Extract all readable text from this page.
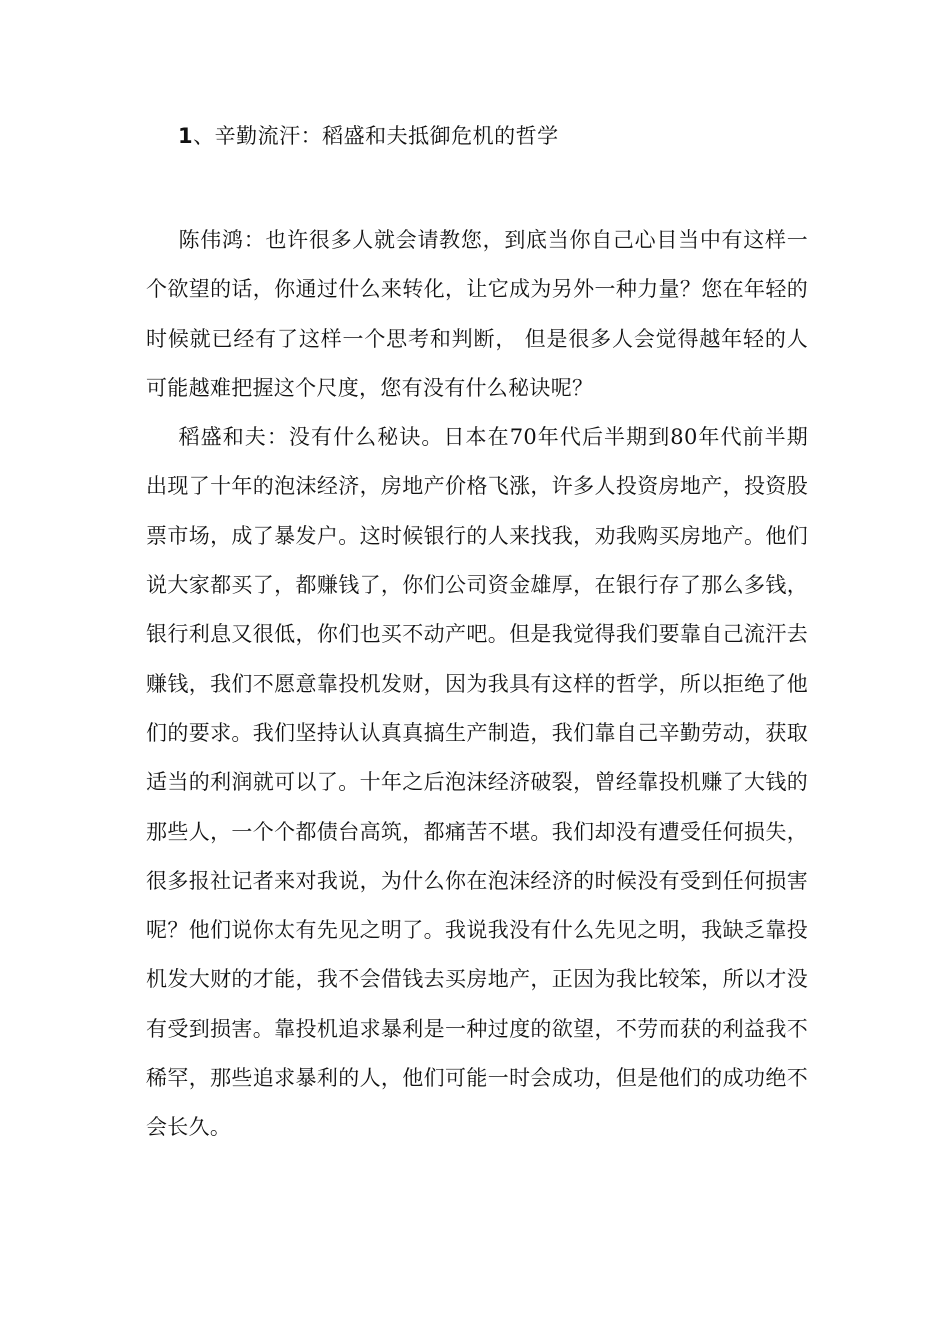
1、辛勤流汗：稻盛和夫抵御危机的哲学

陈伟鸿：也许很多人就会请教您，到底当你自己心目当中有这样一个欲望的话，你通过什么来转化，让它成为另外一种力量？您在年轻的时候就已经有了这样一个思考和判断， 但是很多人会觉得越年轻的人可能越难把握这个尺度，您有没有什么秘诀呢？

稻盛和夫：没有什么秘诀。日本在70年代后半期到80年代前半期出现了十年的泡沫经济，房地产价格飞涨，许多人投资房地产，投资股票市场，成了暴发户。这时候银行的人来找我，劝我购买房地产。他们说大家都买了，都赚钱了，你们公司资金雄厚，在银行存了那么多钱，银行利息又很低，你们也买不动产吧。但是我觉得我们要靠自己流汗去赚钱，我们不愿意靠投机发财，因为我具有这样的哲学，所以拒绝了他们的要求。我们坚持认认真真搞生产制造，我们靠自己辛勤劳动，获取适当的利润就可以了。十年之后泡沫经济破裂，曾经靠投机赚了大钱的那些人，一个个都债台高筑，都痛苦不堪。我们却没有遭受任何损失，很多报社记者来对我说，为什么你在泡沫经济的时候没有受到任何损害呢？他们说你太有先见之明了。我说我没有什么先见之明，我缺乏靠投机发大财的才能，我不会借钱去买房地产，正因为我比较笨，所以才没有受到损害。靠投机追求暴利是一种过度的欲望，不劳而获的利益我不稀罕，那些追求暴利的人，他们可能一时会成功，但是他们的成功绝不会长久。
